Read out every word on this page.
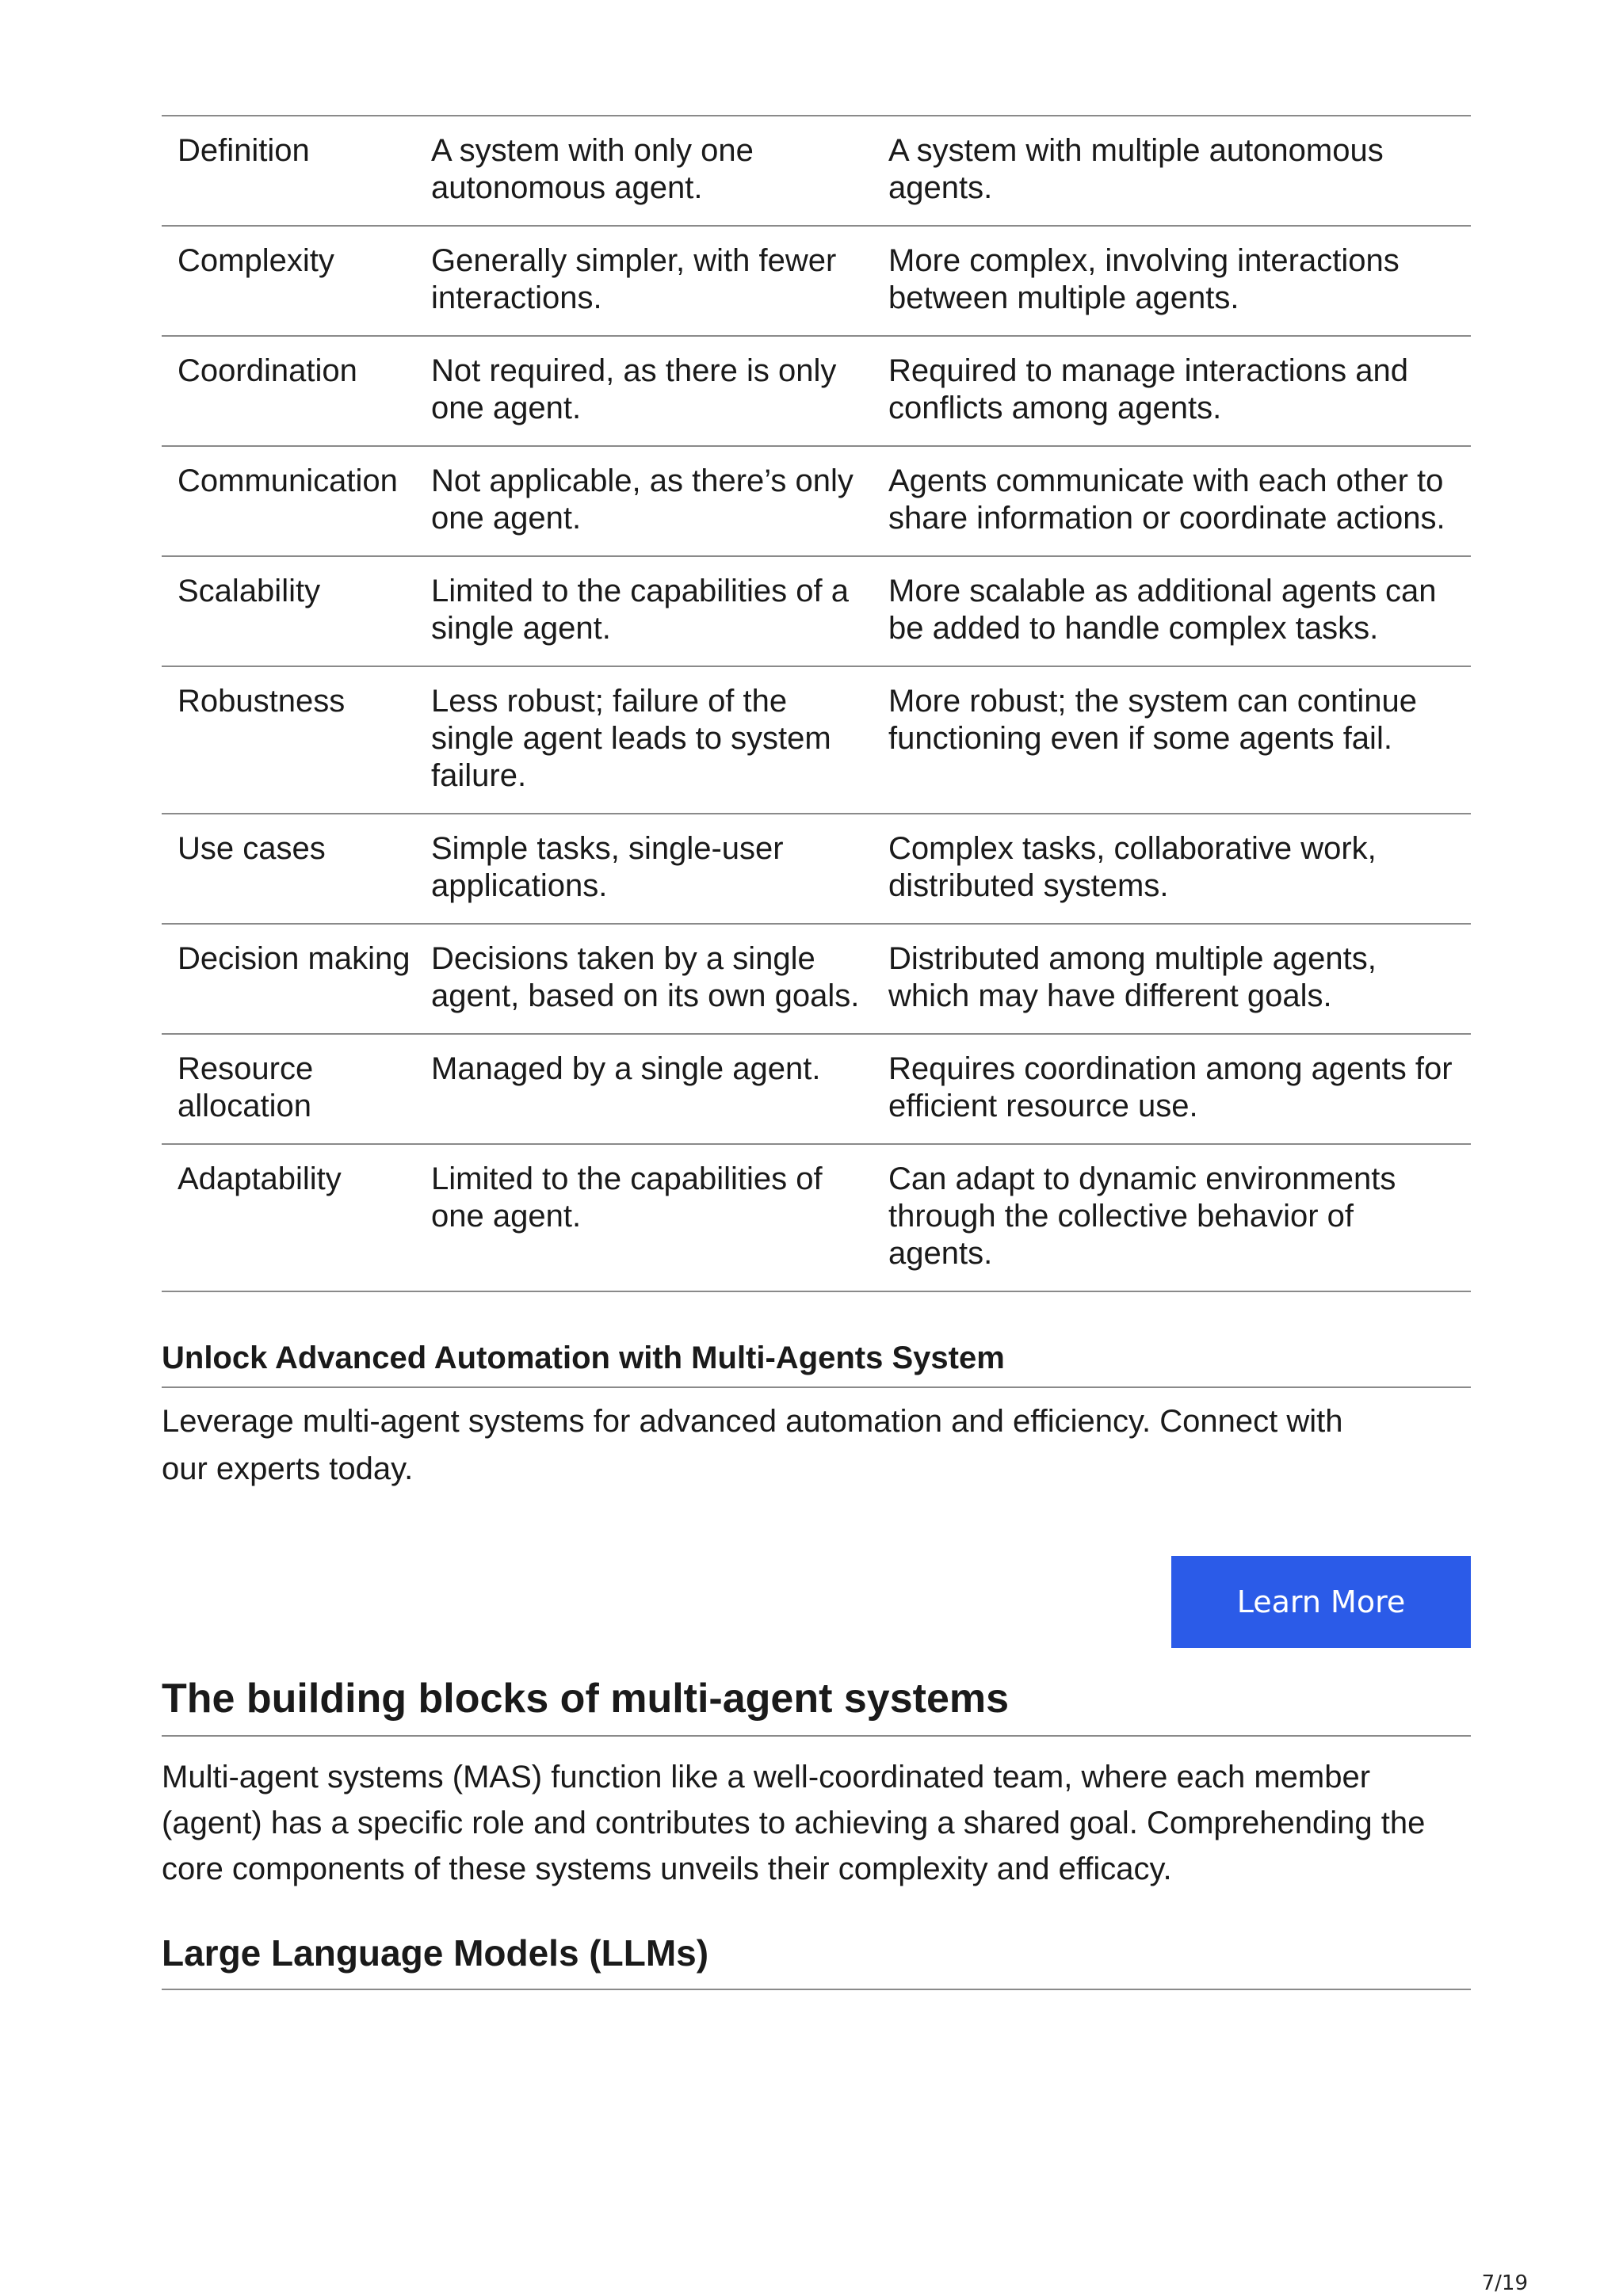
Definition	A system with only one autonomous agent.	A system with multiple autonomous agents.
Complexity	Generally simpler, with fewer interactions.	More complex, involving interactions between multiple agents.
Coordination	Not required, as there is only one agent.	Required to manage interactions and conflicts among agents.
Communication	Not applicable, as there’s only one agent.	Agents communicate with each other to share information or coordinate actions.
Scalability	Limited to the capabilities of a single agent.	More scalable as additional agents can be added to handle complex tasks.
Robustness	Less robust; failure of the single agent leads to system failure.	More robust; the system can continue functioning even if some agents fail.
Use cases	Simple tasks, single-user applications.	Complex tasks, collaborative work, distributed systems.
Decision making	Decisions taken by a single agent, based on its own goals.	Distributed among multiple agents, which may have different goals.
Resource allocation	Managed by a single agent.	Requires coordination among agents for efficient resource use.
Adaptability	Limited to the capabilities of one agent.	Can adapt to dynamic environments through the collective behavior of agents.
Unlock Advanced Automation with Multi-Agents System
Leverage multi-agent systems for advanced automation and efficiency. Connect with our experts today.
Learn More
The building blocks of multi-agent systems
Multi-agent systems (MAS) function like a well-coordinated team, where each member (agent) has a specific role and contributes to achieving a shared goal. Comprehending the core components of these systems unveils their complexity and efficacy.
Large Language Models (LLMs)
7/19
